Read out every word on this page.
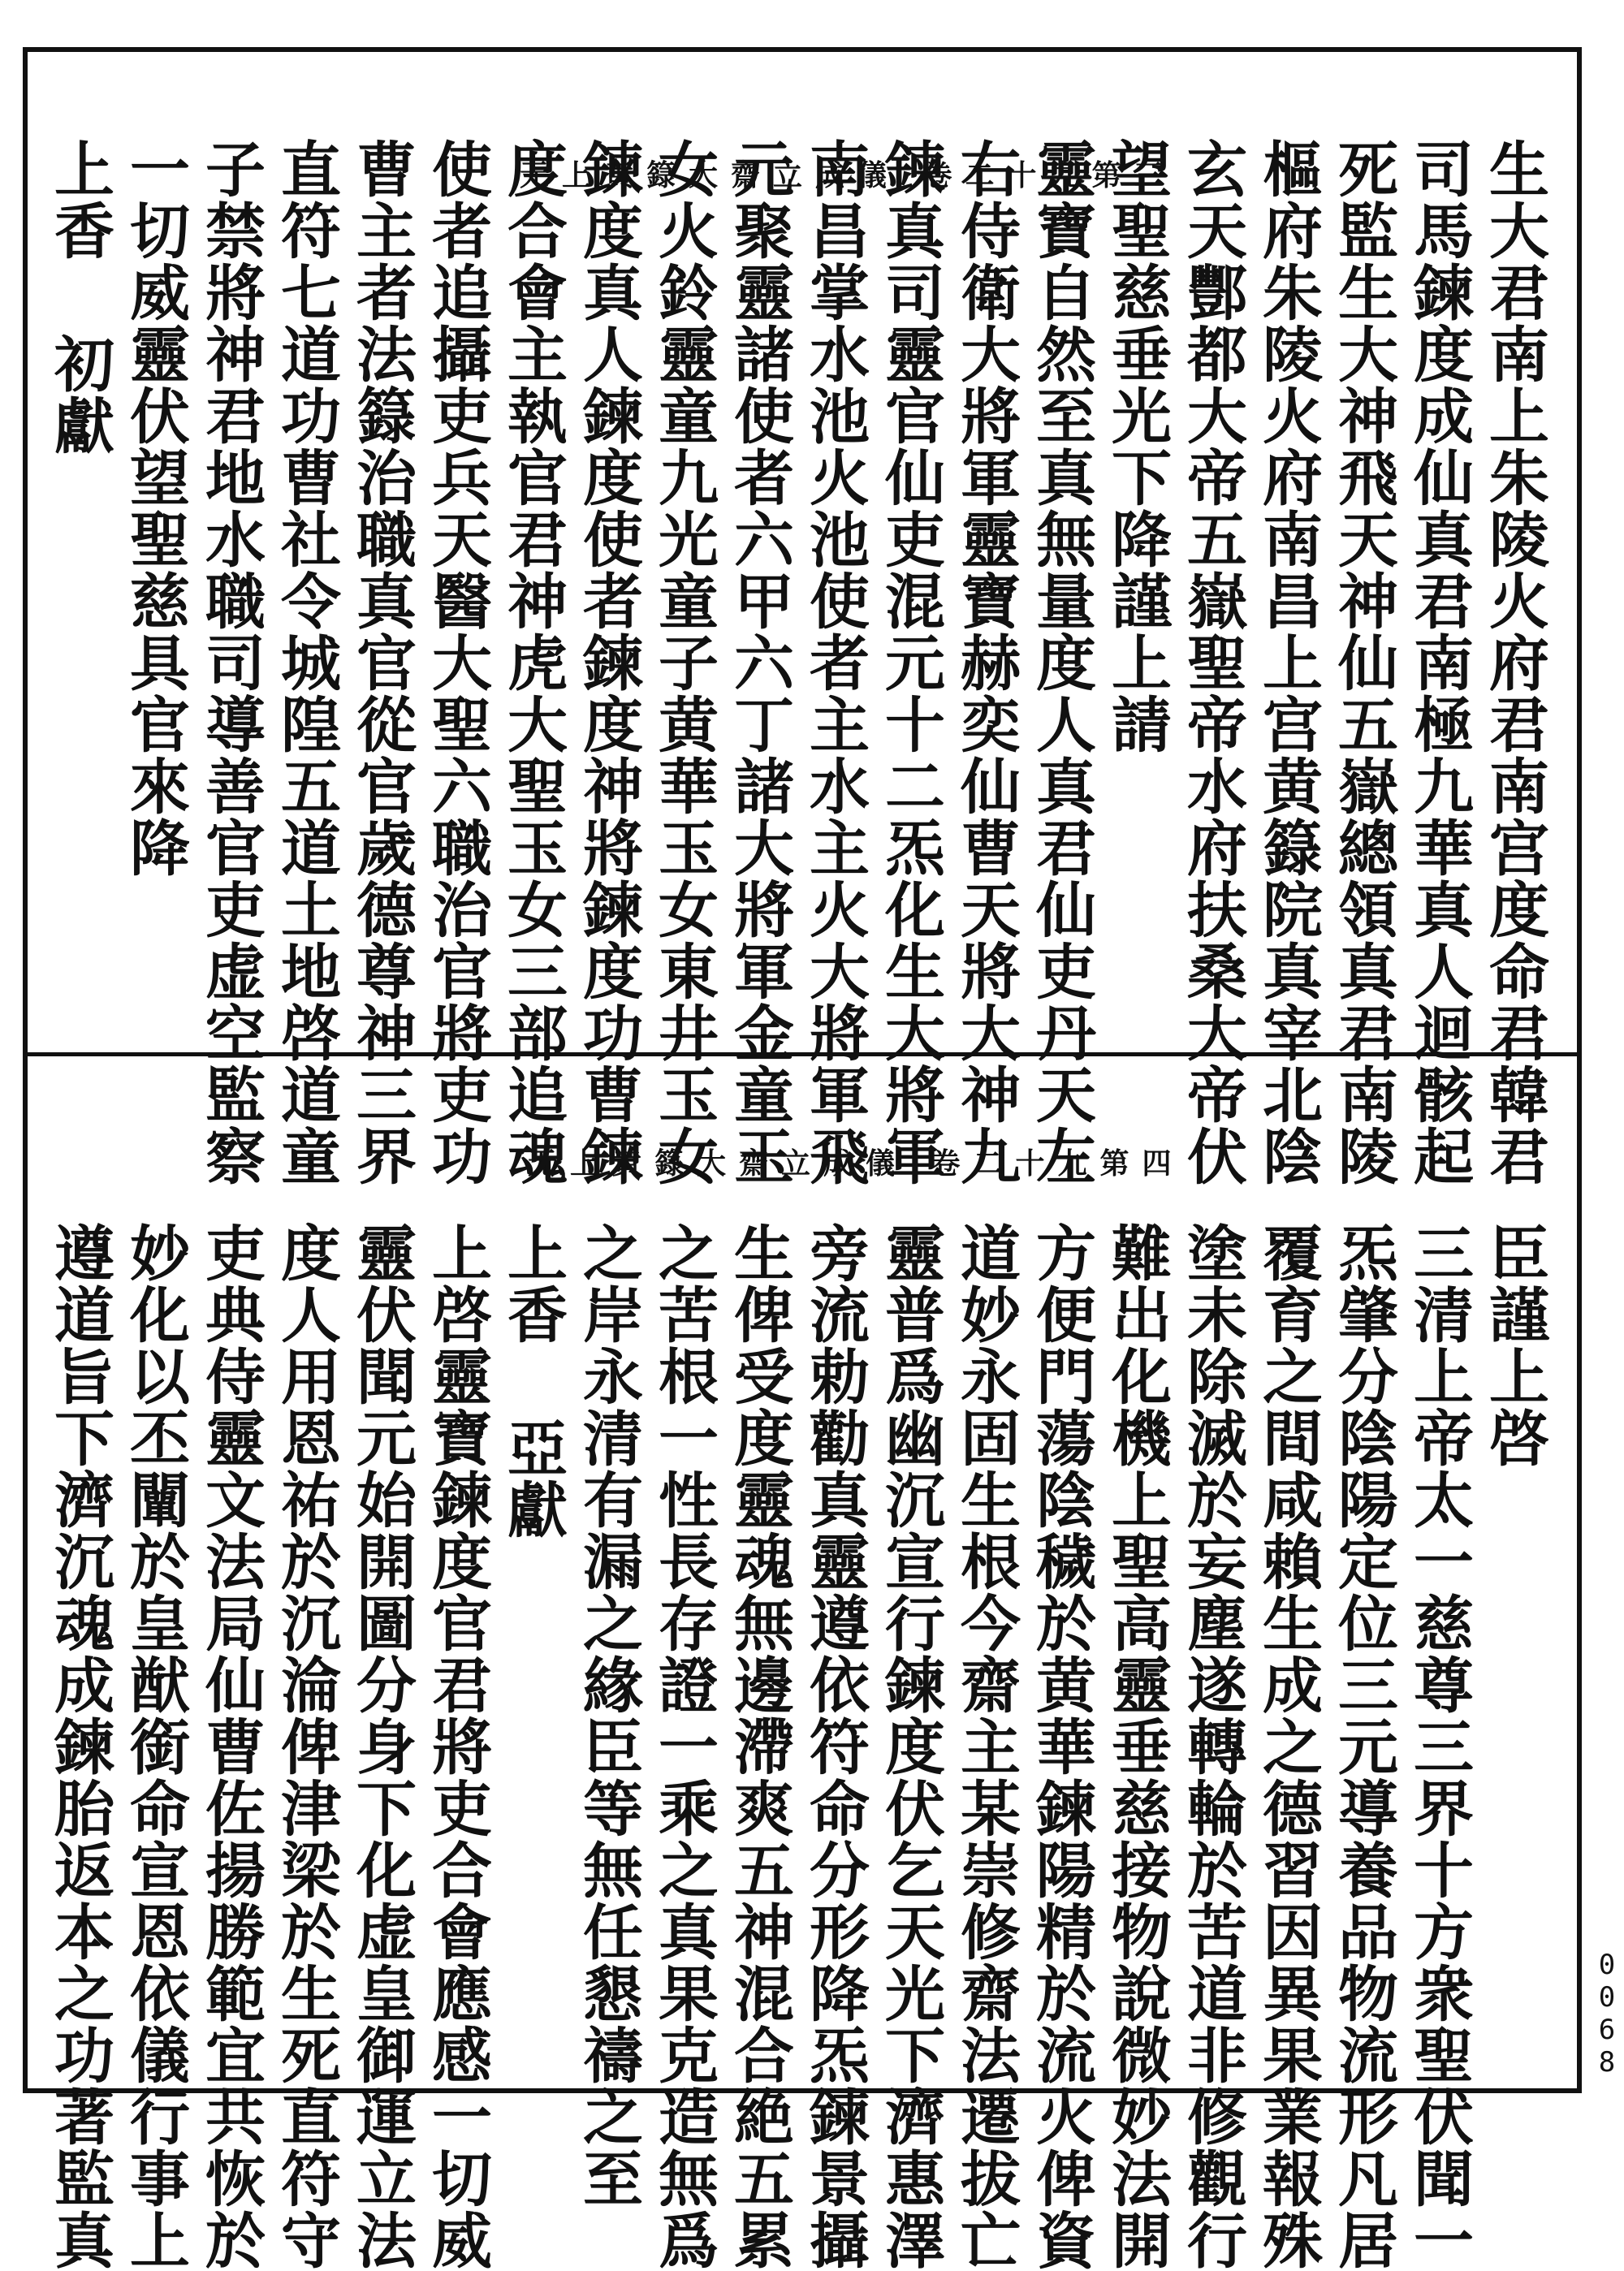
无上黄籙大齋立成儀 卷二十九第三
无上黄籙大齋立成儀 卷二十九第四	生大君南上朱陵火府君南宫度命君韓君
司馬鍊度成仙真君南極九華真人迴骸起
死監生大神飛天神仙五嶽總領真君南陵
樞府朱陵火府南昌上宫黄籙院真宰北陰
玄天酆都大帝五嶽聖帝水府扶桑大帝伏
望聖慈垂光下降謹上請
靈寶自然至真無量度人真君仙吏丹天左
右侍衛大將軍靈寶赫奕仙曹天將大神九
鍊真司靈官仙吏混元十二炁化生大將軍
南昌掌水池火池使者主水主火大將軍飛
元聚靈諸使者六甲六丁諸大將軍金童玉
女火鈴靈童九光童子黄華玉女東井玉女
鍊度真人鍊度使者鍊度神將鍊度功曹鍊
度合會主執官君神虎大聖玉女三部追魂
使者追攝吏兵天醫大聖六職治官將吏功
曹主者法籙治職真官從官歲德尊神三界
直符七道功曹社令城隍五道土地啓道童
子禁將神君地水職司導善官吏虚空監察
一切威靈伏望聖慈具官來降
上香 初獻
臣謹上啓
三清上帝太一慈尊三界十方衆聖伏聞一
炁肇分陰陽定位三元導養品物流形凡居
覆育之間咸賴生成之德習因異果業報殊
塗未除滅於妄塵遂轉輪於苦道非修觀行
難出化機上聖高靈垂慈接物說微妙法開
方便門蕩陰穢於黄華鍊陽精於流火俾資
道妙永固生根今齋主某崇修齋法遷拔亡
靈普爲幽沉宣行鍊度伏乞天光下濟惠澤
旁流勅勸真靈遵依符命分形降炁鍊景攝
生俾受度靈魂無邊滯爽五神混合絶五累
之苦根一性長存證一乘之真果克造無爲
之岸永清有漏之緣臣等無任懇禱之至
上香 亞獻
上啓靈寶鍊度官君將吏合會應感一切威
靈伏聞元始開圖分身下化虚皇御運立法
度人用恩祐於沉淪俾津梁於生死直符守
吏典侍靈文法局仙曹佐揚勝範宜共恢於
妙化以丕闡於皇猷銜命宣恩依儀行事上
遵道旨下濟沉魂成鍊胎返本之功著監真	0068
